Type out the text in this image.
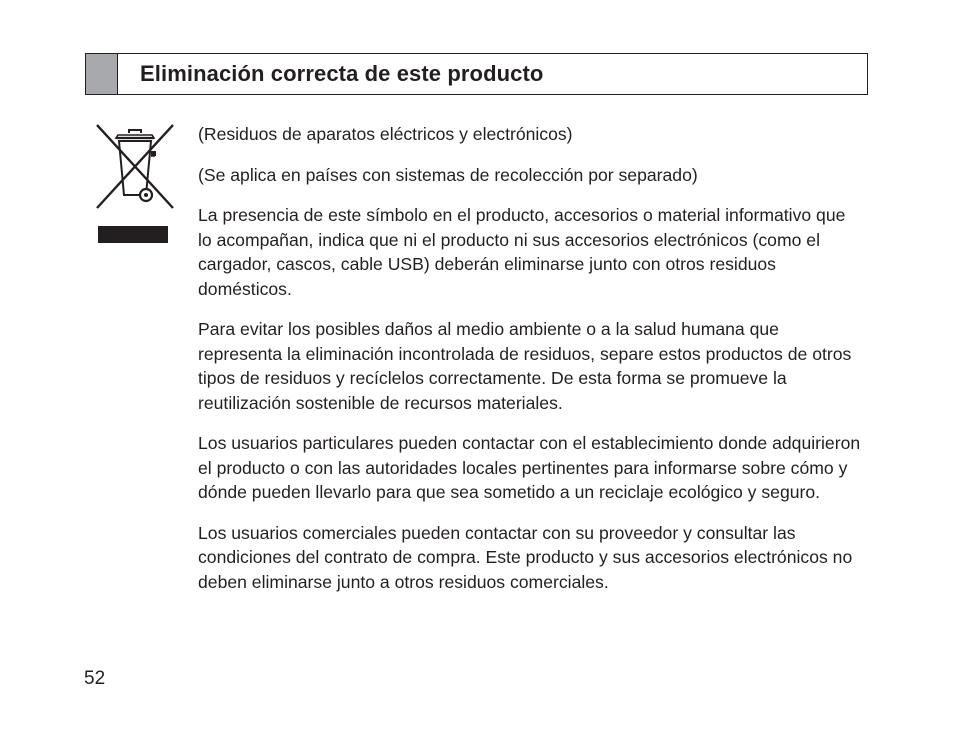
Eliminación correcta de este producto

(Residuos de aparatos eléctricos y electrónicos)

(Se aplica en países con sistemas de recolección por separado)

La presencia de este símbolo en el producto, accesorios o material informativo que lo acompañan, indica que ni el producto ni sus accesorios electrónicos (como el cargador, cascos, cable USB) deberán eliminarse junto con otros residuos domésticos.

Para evitar los posibles daños al medio ambiente o a la salud humana que representa la eliminación incontrolada de residuos, separe estos productos de otros tipos de residuos y recíclelos correctamente. De esta forma se promueve la reutilización sostenible de recursos materiales.

Los usuarios particulares pueden contactar con el establecimiento donde adquirieron el producto o con las autoridades locales pertinentes para informarse sobre cómo y dónde pueden llevarlo para que sea sometido a un reciclaje ecológico y seguro.

Los usuarios comerciales pueden contactar con su proveedor y consultar las condiciones del contrato de compra. Este producto y sus accesorios electrónicos no deben eliminarse junto a otros residuos comerciales.

52
